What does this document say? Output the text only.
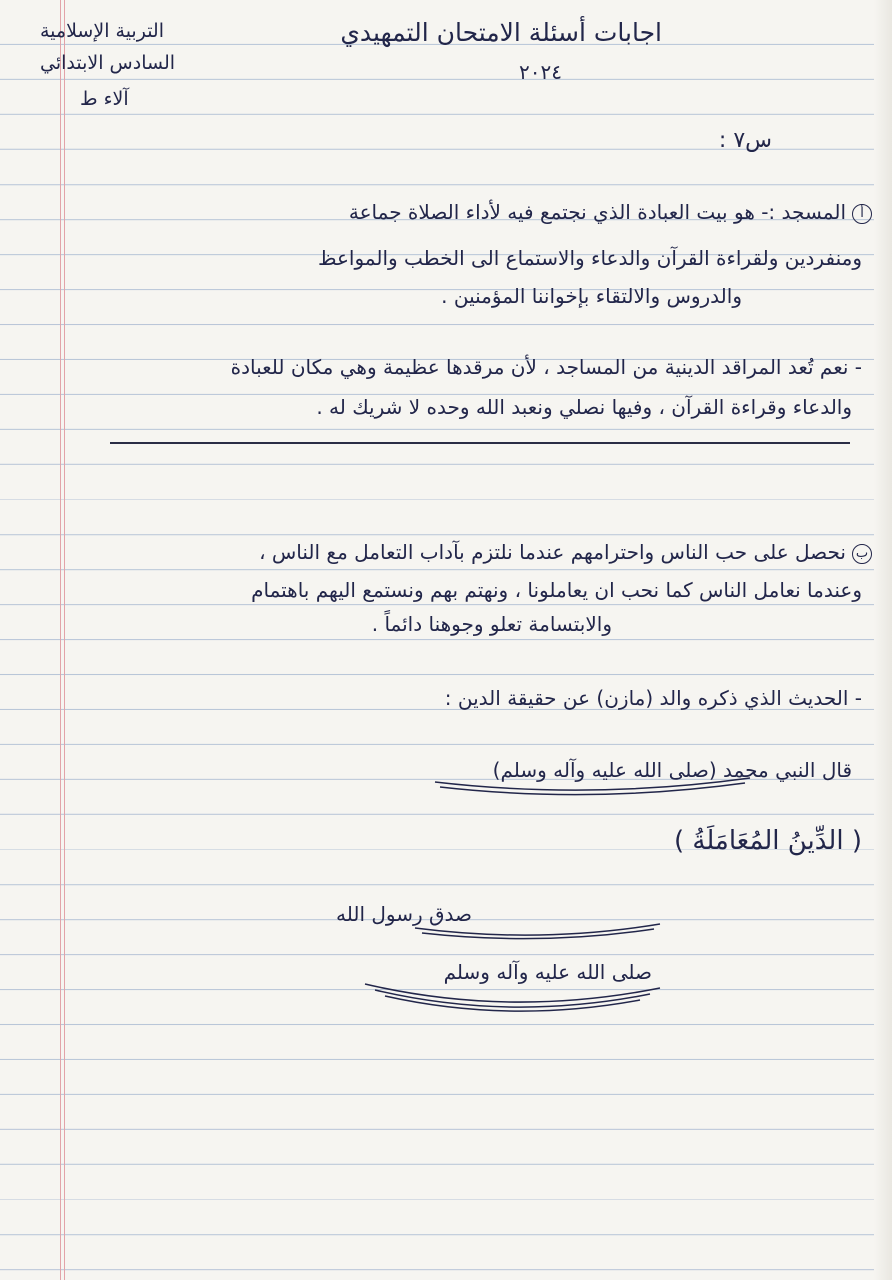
اجابات أسئلة الامتحان التمهيدي
٢٠٢٤
التربية الإسلامية
السادس الابتدائي
آلاء ط
س٧ :
أالمسجد :- هو بيت العبادة الذي نجتمع فيه لأداء الصلاة جماعة
ومنفردين ولقراءة القرآن والدعاء والاستماع الى الخطب والمواعظ
والدروس والالتقاء بإخواننا المؤمنين .
- نعم تُعد المراقد الدينية من المساجد ، لأن مرقدها عظيمة وهي مكان للعبادة
والدعاء وقراءة القرآن ، وفيها نصلي ونعبد الله وحده لا شريك له .
بنحصل على حب الناس واحترامهم عندما نلتزم بآداب التعامل مع الناس ،
وعندما نعامل الناس كما نحب ان يعاملونا ، ونهتم بهم ونستمع اليهم باهتمام
والابتسامة تعلو وجوهنا دائماً .
- الحديث الذي ذكره والد (مازن) عن حقيقة الدين :
قال النبي محمد (صلى الله عليه وآله وسلم)
( الدِّينُ المُعَامَلَةُ )
صدق رسول الله
صلى الله عليه وآله وسلم
